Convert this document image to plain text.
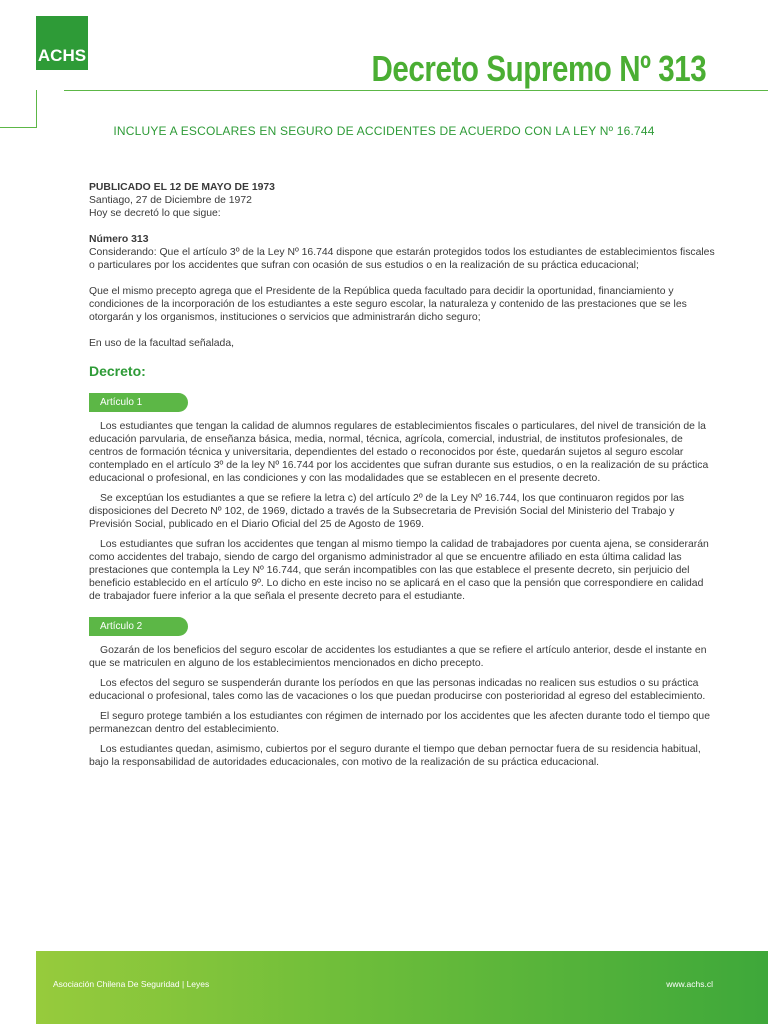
ACHS	Decreto Supremo Nº 313
INCLUYE A ESCOLARES EN SEGURO DE ACCIDENTES DE ACUERDO CON LA LEY Nº 16.744

PUBLICADO EL 12 DE MAYO DE 1973

Santiago, 27 de Diciembre de 1972

Hoy se decretó lo que sigue:

Número 313

Considerando: Que el artículo 3º de la Ley Nº 16.744 dispone que estarán protegidos todos los estudiantes de establecimientos fiscales o particulares por los accidentes que sufran con ocasión de sus estudios o en la realización de su práctica educacional;

Que el mismo precepto agrega que el Presidente de la República queda facultado para decidir la oportunidad, financiamiento y condiciones de la incorporación de los estudiantes a este seguro escolar, la naturaleza y contenido de las prestaciones que se les otorgarán y los organismos, instituciones o servicios que administrarán dicho seguro;

En uso de la facultad señalada,

Decreto:

Artículo 1

Los estudiantes que tengan la calidad de alumnos regulares de establecimientos fiscales o particulares, del nivel de transición de la educación parvularia, de enseñanza básica, media, normal, técnica, agrícola, comercial, industrial, de institutos profesionales, de centros de formación técnica y universitaria, dependientes del estado o reconocidos por éste, quedarán sujetos al seguro escolar contemplado en el artículo 3º de la ley Nº 16.744 por los accidentes que sufran durante sus estudios, o en la realización de su práctica educacional o profesional, en las condiciones y con las modalidades que se establecen en el presente decreto.

Se exceptúan los estudiantes a que se refiere la letra c) del artículo 2º de la Ley Nº 16.744, los que continuaron regidos por las disposiciones del Decreto Nº 102, de 1969, dictado a través de la Subsecretaria de Previsión Social del Ministerio del Trabajo y Previsión Social, publicado en el Diario Oficial del 25 de Agosto de 1969.

Los estudiantes que sufran los accidentes que tengan al mismo tiempo la calidad de trabajadores por cuenta ajena, se considerarán como accidentes del trabajo, siendo de cargo del organismo administrador al que se encuentre afiliado en esta última calidad las prestaciones que contempla la Ley Nº 16.744, que serán incompatibles con las que establece el presente decreto, sin perjuicio del beneficio establecido en el artículo 9º. Lo dicho en este inciso no se aplicará en el caso que la pensión que correspondiere en calidad de trabajador fuere inferior a la que señala el presente decreto para el estudiante.

Artículo 2

Gozarán de los beneficios del seguro escolar de accidentes los estudiantes a que se refiere el artículo anterior, desde el instante en que se matriculen en alguno de los establecimientos mencionados en dicho precepto.

Los efectos del seguro se suspenderán durante los períodos en que las personas indicadas no realicen sus estudios o su práctica educacional o profesional, tales como las de vacaciones o los que puedan producirse con posterioridad al egreso del establecimiento.

El seguro protege también a los estudiantes con régimen de internado por los accidentes que les afecten durante todo el tiempo que permanezcan dentro del establecimiento.

Los estudiantes quedan, asimismo, cubiertos por el seguro durante el tiempo que deban pernoctar fuera de su residencia habitual, bajo la responsabilidad de autoridades educacionales, con motivo de la realización de su práctica educacional.

Asociación Chilena De Seguridad | Leyes	www.achs.cl
